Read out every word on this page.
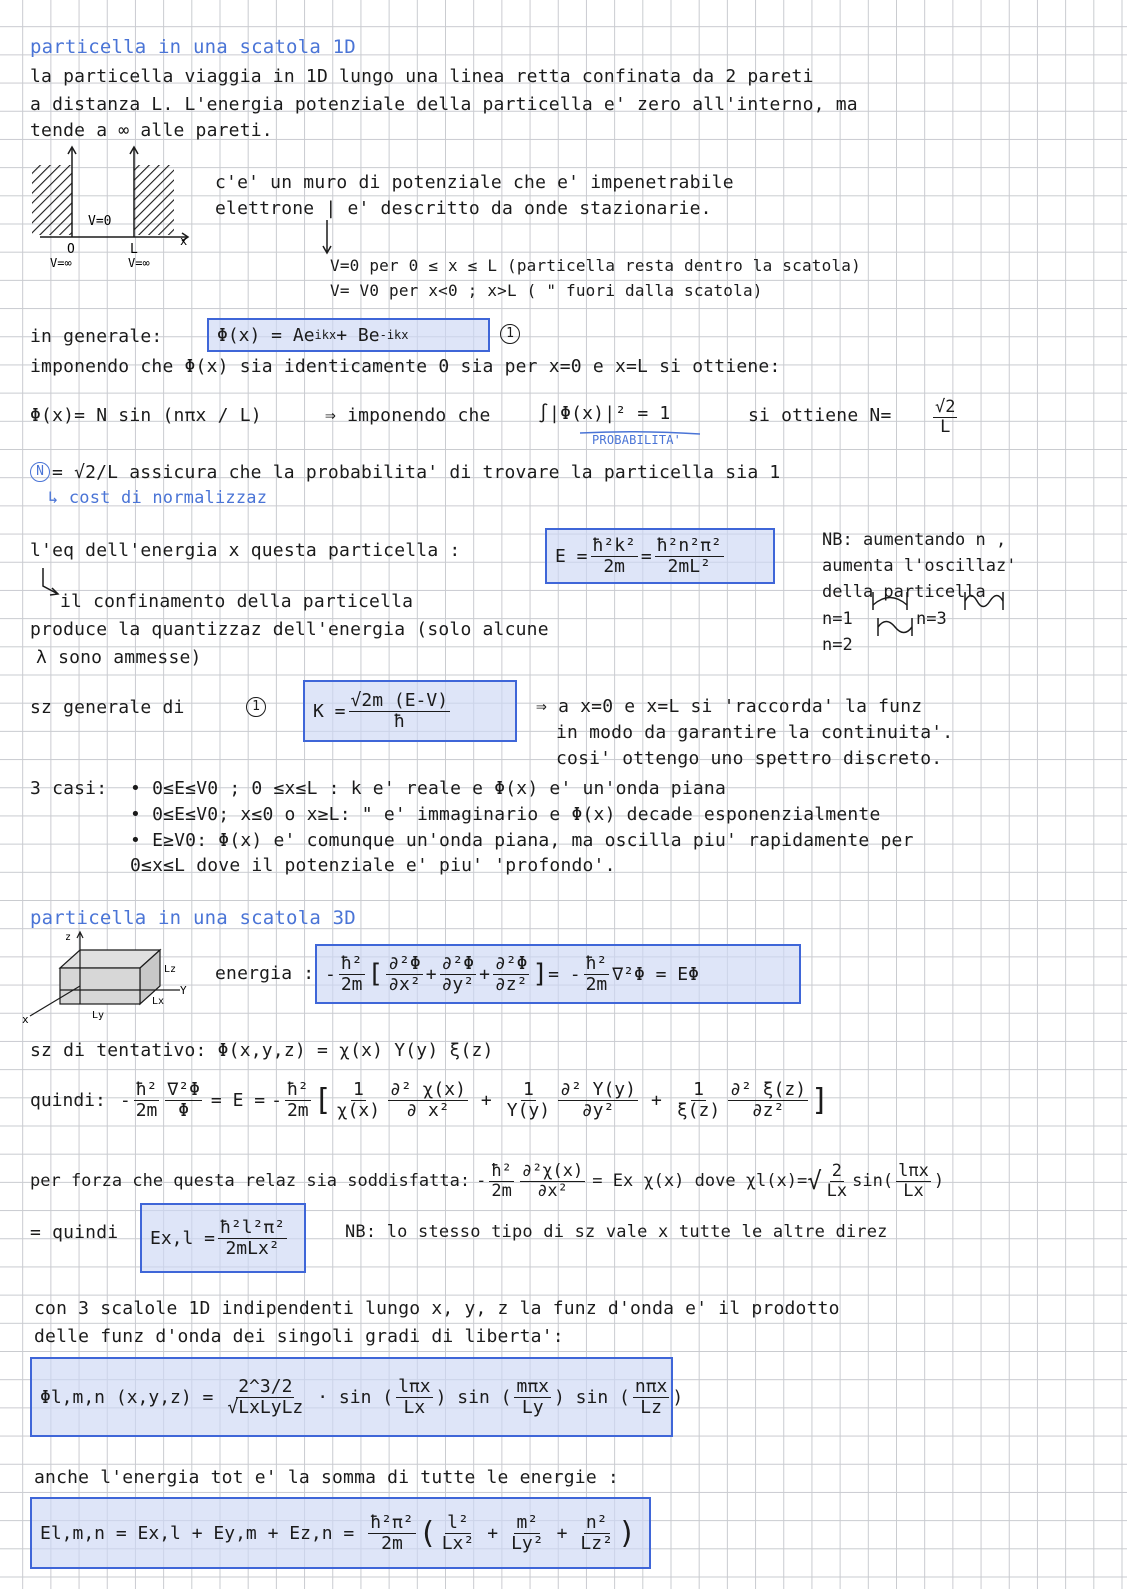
particella in una scatola 1D

la particella viaggia in 1D lungo una linea retta confinata da 2 pareti

a distanza L. L'energia potenziale della particella e' zero all'interno, ma

tende a ∞ alle pareti.

V=0
O	L
x
V=∞	V=∞

c'e' un muro di potenziale che e' impenetrabile

elettrone | e' descritto da onde stazionarie.

V=0 per 0 ≤ x ≤ L (particella resta dentro la scatola)

V= V0 per x<0 ; x>L ( " fuori dalla scatola)

in generale:	Φ(x) = Ae ikx + Be -ikx	1

imponendo che Φ(x) sia identicamente 0 sia per x=0 e x=L si ottiene:

Φ(x)= N sin (nπx / L)	⇒ imponendo che	∫|Φ(x)|² = 1

PROBABILITA'

si ottiene $N= \frac{√2}{L}$
N = √2/L assicura che la probabilita' di trovare la particella sia 1

↳ cost di normalizzaz

l'eq dell'energia x questa particella :	$E = \frac{\text{ħ²k²}}{2m} = \frac{\text{ħ²n²π²}}{\text{2mL²}}$	NB: aumentando n ,

aumenta l'oscillaz'

della particella

n=1	n=3

n=2

il confinamento della particella

produce la quantizzaz dell'energia (solo alcune

λ sono ammesse)

sz generale di	1	$K = \frac{√2m (E-V)}{ħ}$	⇒ a x=0 e x=L si 'raccorda' la funz

in modo da garantire la continuita'.

cosi' ottengo uno spettro discreto.

3 casi: • 0≤E≤V0 ; 0 ≤x≤L : k e' reale e Φ(x) e' un'onda piana

• 0≤E≤V0; x≤0 o x≥L: " e' immaginario e Φ(x) decade esponenzialmente

• E≥V0: Φ(x) e' comunque un'onda piana, ma oscilla piu' rapidamente per

0≤x≤L dove il potenziale e' piu' 'profondo'.

particella in una scatola 3D

z
Y
x
Lz
Lx
Ly

energia : - $\frac{\text{ħ²}}{2m}$ [ $\frac{\text{∂²Φ}}{\text{∂x²}} + \frac{\text{∂²Φ}}{\text{∂y²}} + \frac{\text{∂²Φ}}{\text{∂z²}}$ ] = - $\frac{\text{ħ²}}{2m} \nabla^2\Phi = E\Phi$

sz di tentativo: Φ(x,y,z) = χ(x) Υ(y) ξ(z)

quindi: - $\frac{\text{ħ²}}{2m} \frac{\text{∇²Φ}}{\Phi} = E$ = - $\frac{\text{ħ²}}{2m}$ [ $\frac{1}{\chi(x)} \frac{\text{∂² χ(x)}}{\text{∂ x²}} + \frac{1}{\Upsilon(y)} \frac{\text{∂² Υ(y)}}{\text{∂y²}} + \frac{1}{\xi(z)} \frac{\text{∂² ξ(z)}}{\text{∂z²}}$ ]
per forza che questa relaz sia soddisfatta: - $\frac{\text{ħ²}}{2m} \frac{\text{∂²χ(x)}}{\text{∂x²}} = Ex$ χ(x) dove χl(x)= √ $\frac{2}{Lx} \sin( \frac{\text{lπx}}{Lx}$ )

= quindi $Ex,l = \frac{\text{ħ²l²π²}}{\text{2mLx²}}$	NB: lo stesso tipo di sz vale x tutte le altre direz

con 3 scalole 1D indipendenti lungo x, y, z la funz d'onda e' il prodotto

delle funz d'onda dei singoli gradi di liberta':

Φl,m,n $(x,y,z) = \frac{2\^{}3/2}{\text{√LxLyLz}} \cdot \sin$ ( $\frac{\text{lπx}}{Lx}$ ) sin ( $\frac{\text{mπx}}{Ly}$ ) sin ( $\frac{\text{nπx}}{Lz}$ )

anche l'energia tot e' la somma di tutte le energie :

$El,m,n = Ex,l + Ey,m + Ez,n = \frac{\text{ħ²π²}}{2m}$ ( $\frac{\text{l²}}{\text{Lx²}} + \frac{\text{m²}}{\text{Ly²}} + \frac{\text{n²}}{\text{Lz²}}$ )
